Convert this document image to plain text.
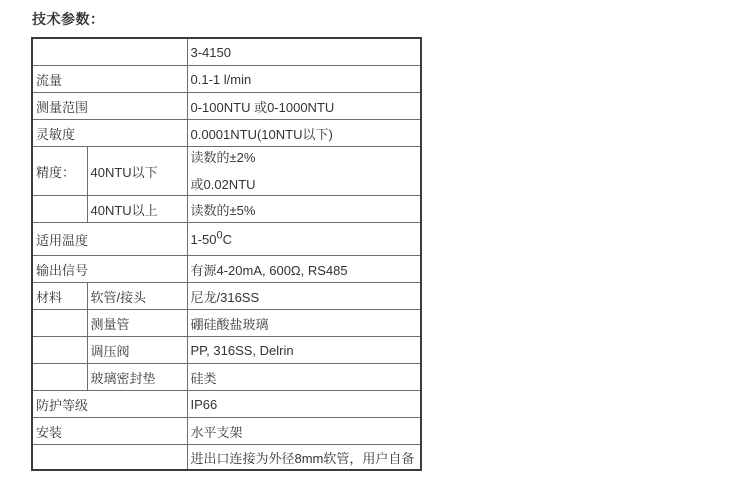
技术参数：
		3-4150
流量		0.1-1 l/min
测量范围		0-100NTU 或0-1000NTU
灵敏度		0.0001NTU(10NTU以下)
精度：	40NTU以下	读数的±2%
或0.02NTU

	40NTU以上	读数的±5%
适用温度		$1-50^0C$
输出信号		有源4-20mA, 600Ω, RS485
材料	软管/接头	尼龙/316SS
	测量管	硼硅酸盐玻璃
	调压阀	PP, 316SS, Delrin
	玻璃密封垫	硅类
防护等级		IP66
安装		水平支架
		进出口连接为外径8mm软管，用户自备
